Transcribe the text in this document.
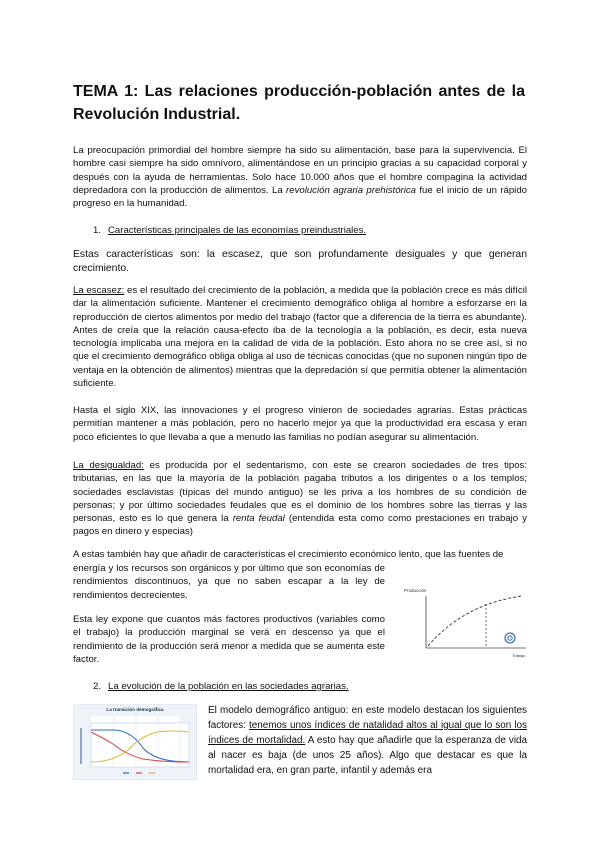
TEMA 1: Las relaciones producción-población antes de la Revolución Industrial.
La preocupación primordial del hombre siempre ha sido su alimentación, base para la supervivencia. El hombre casi siempre ha sido omnívoro, alimentándose en un principio gracias a su capacidad corporal y después con la ayuda de herramientas. Solo hace 10.000 años que el hombre compagina la actividad depredadora con la producción de alimentos. La revolución agraria prehistórica fue el inicio de un rápido progreso en la humanidad.
1. Características principales de las economías preindustriales.
Estas características son: la escasez, que son profundamente desiguales y que generan crecimiento.
La escasez: es el resultado del crecimiento de la población, a medida que la población crece es más difícil dar la alimentación suficiente. Mantener el crecimiento demográfico obliga al hombre a esforzarse en la reproducción de ciertos alimentos por medio del trabajo (factor que a diferencia de la tierra es abundante). Antes de creía que la relación causa-efecto iba de la tecnología a la población, es decir, esta nueva tecnología implicaba una mejora en la calidad de vida de la población. Esto ahora no se cree así, si no que el crecimiento demográfico obliga obliga al uso de técnicas conocidas (que no suponen ningún tipo de ventaja en la obtención de alimentos) mientras que la depredación sí que permitía obtener la alimentación suficiente.
Hasta el siglo XIX, las innovaciones y el progreso vinieron de sociedades agrarias. Estas prácticas permitían mantener a más población, pero no hacerlo mejor ya que la productividad era escasa y eran poco eficientes lo que llevaba a que a menudo las familias no podían asegurar su alimentación.
La desigualdad: es producida por el sedentarismo, con este se crearon sociedades de tres tipos: tributarias, en las que la mayoría de la población pagaba tributos a los dirigentes o a los templos; sociedades esclavistas (típicas del mundo antiguo) se les priva a los hombres de su condición de personas; y por último sociedades feudales que es el dominio de los hombres sobre las tierras y las personas, esto es lo que genera la renta feudal (entendida esta como como prestaciones en trabajo y pagos en dinero y especias)
A estas también hay que añadir de características el crecimiento económico lento, que las fuentes de
energía y los recursos son orgánicos y por último que son economías de rendimientos discontinuos, ya que no saben escapar a la ley de rendimientos decrecientes.
Esta ley expone que cuantos más factores productivos (variables como el trabajo) la producción marginal se verá en descenso ya que el rendimiento de la producción será menor a medida que se aumenta este factor.
Producción
Trabajo
2. La evolución de la población en las sociedades agrarias.
La transición demográfica	El modelo demográfico antiguo: en este modelo destacan los siguientes factores: tenemos unos índices de natalidad altos al igual que lo son los índices de mortalidad. A esto hay que añadirle que la esperanza de vida al nacer es baja (de unos 25 años). Algo que destacar es que la mortalidad era, en gran parte, infantil y además era
